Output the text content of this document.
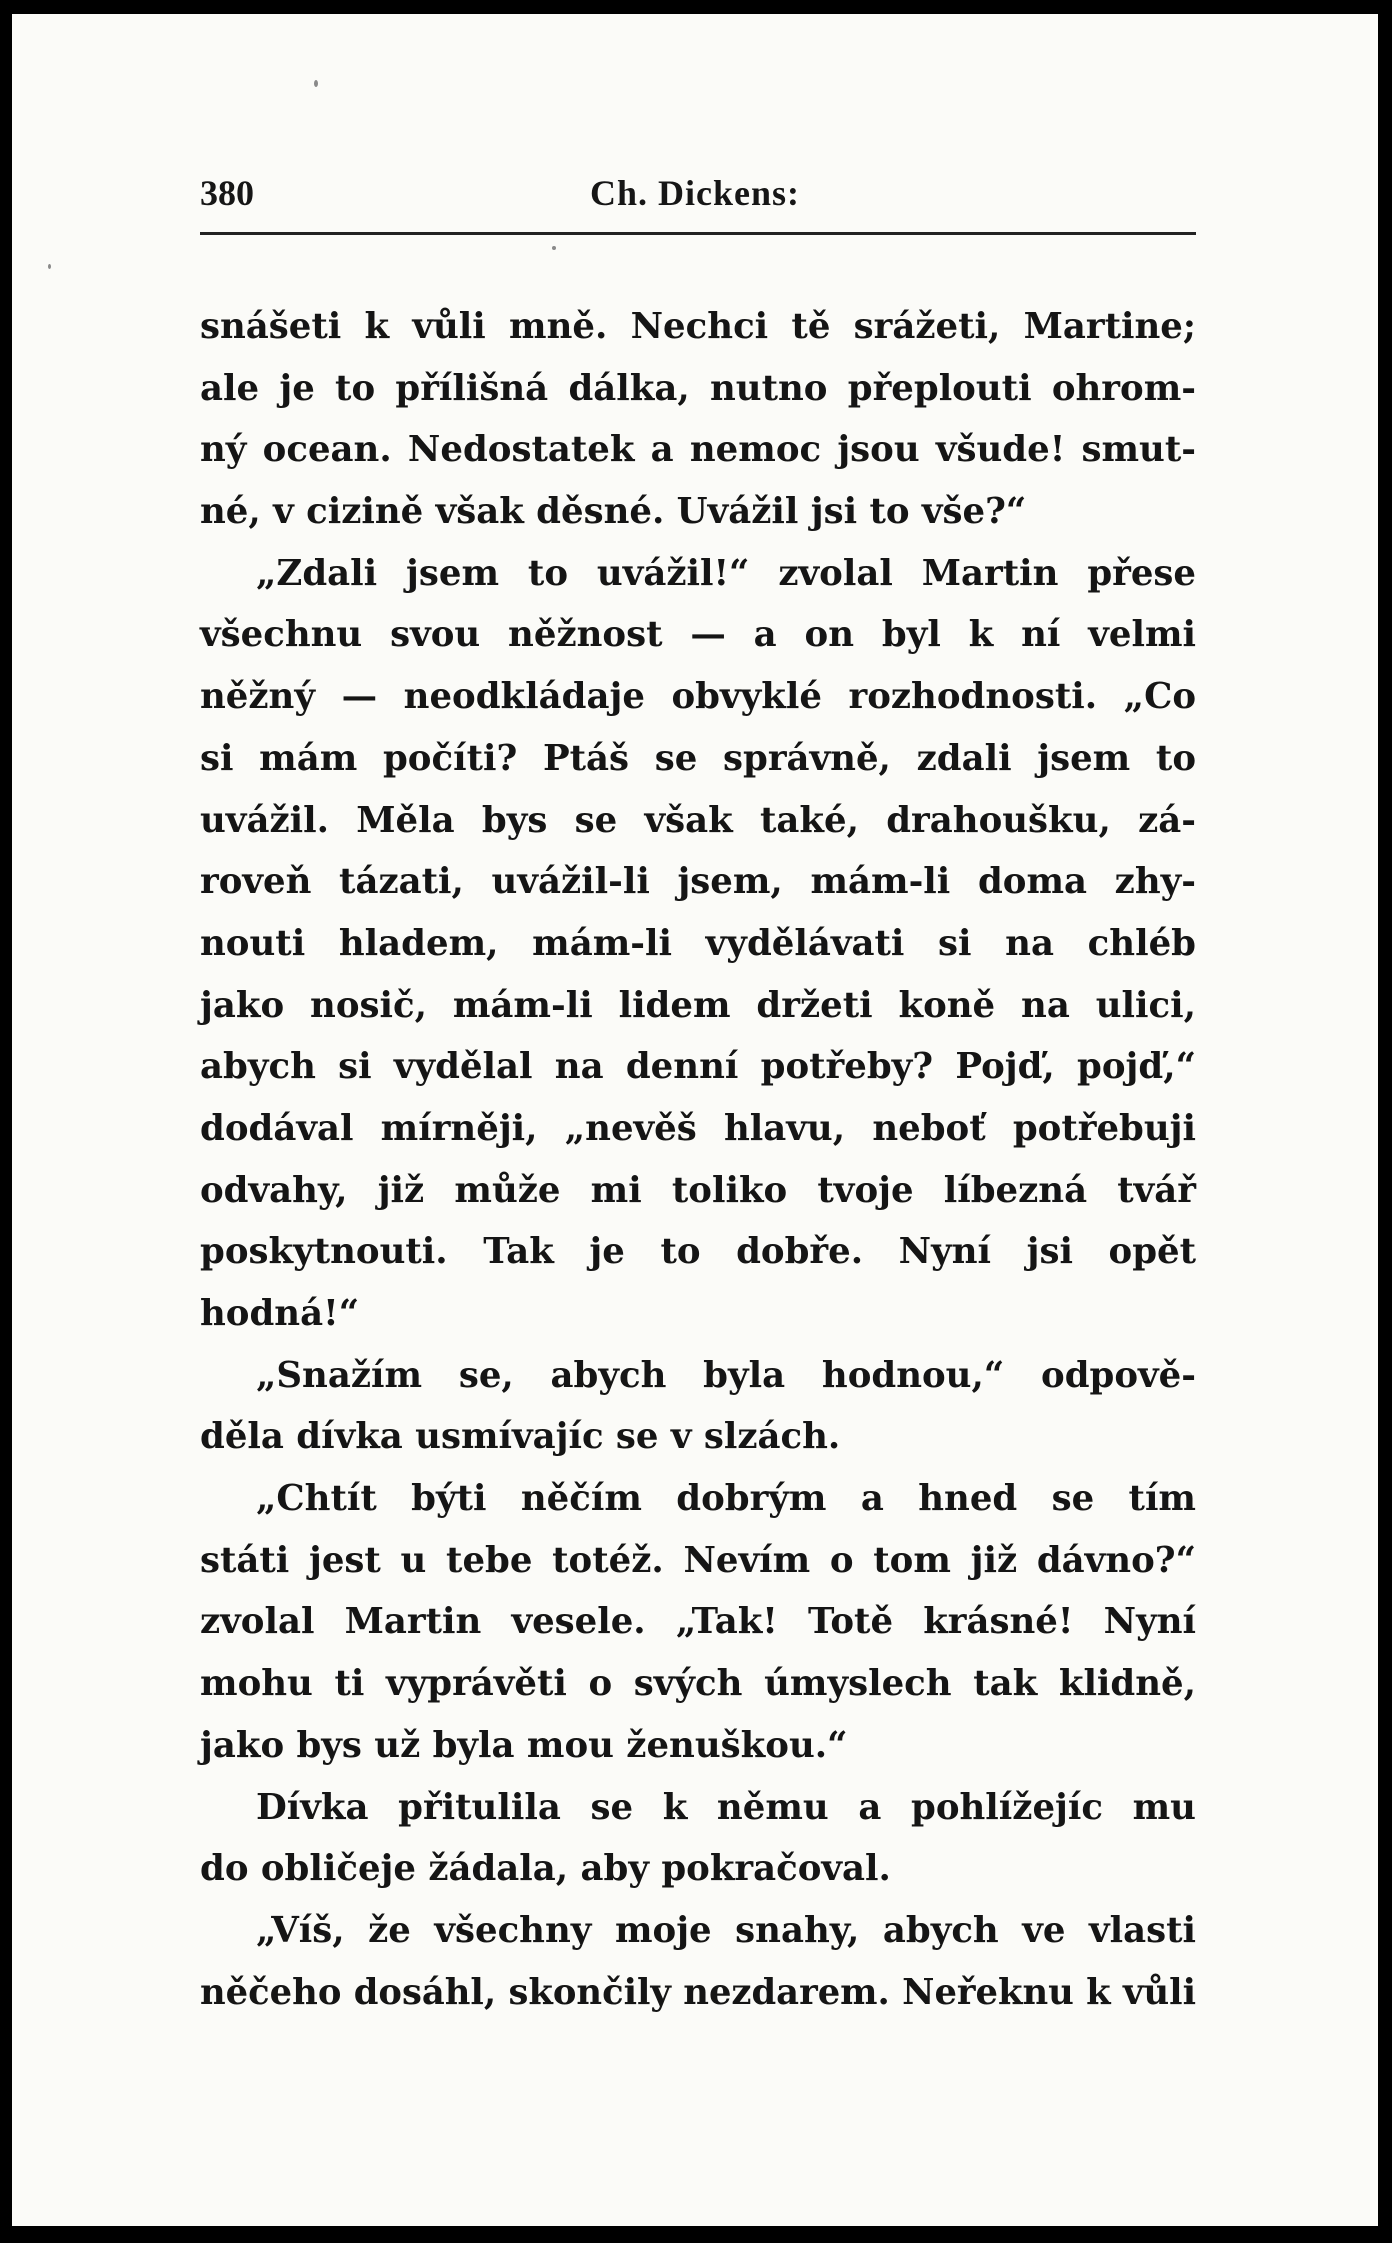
380	Ch. Dickens:
snášeti k vůli mně. Nechci tě srážeti, Martine;
ale je to přílišná dálka, nutno přeplouti ohrom-
ný ocean. Nedostatek a nemoc jsou všude! smut-
né, v cizině však děsné. Uvážil jsi to vše?“
„Zdali jsem to uvážil!“ zvolal Martin přese
všechnu svou něžnost — a on byl k ní velmi
něžný — neodkládaje obvyklé rozhodnosti. „Co
si mám počíti? Ptáš se správně, zdali jsem to
uvážil. Měla bys se však také, drahoušku, zá-
roveň tázati, uvážil-li jsem, mám-li doma zhy-
nouti hladem, mám-li vydělávati si na chléb
jako nosič, mám-li lidem držeti koně na ulici,
abych si vydělal na denní potřeby? Pojď, pojď,“
dodával mírněji, „nevěš hlavu, neboť potřebuji
odvahy, již může mi toliko tvoje líbezná tvář
poskytnouti. Tak je to dobře. Nyní jsi opět
hodná!“
„Snažím se, abych byla hodnou,“ odpově-
děla dívka usmívajíc se v slzách.
„Chtít býti něčím dobrým a hned se tím
státi jest u tebe totéž. Nevím o tom již dávno?“
zvolal Martin vesele. „Tak! Totě krásné! Nyní
mohu ti vyprávěti o svých úmyslech tak klidně,
jako bys už byla mou ženuškou.“
Dívka přitulila se k němu a pohlížejíc mu
do obličeje žádala, aby pokračoval.
„Víš, že všechny moje snahy, abych ve vlasti
něčeho dosáhl, skončily nezdarem. Neřeknu k vůli
